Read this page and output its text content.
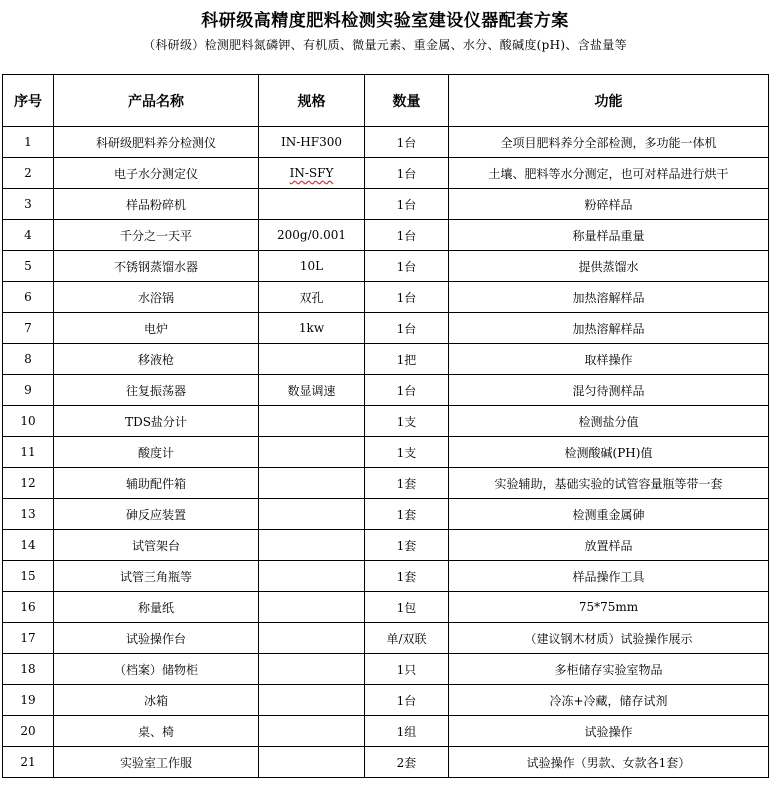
科研级高精度肥料检测实验室建设仪器配套方案
（科研级）检测肥料氮磷钾、有机质、微量元素、重金属、水分、酸碱度(pH)、含盐量等
序号	产品名称	规格	数量	功能
1	科研级肥料养分检测仪	IN-HF300	1台	全项目肥料养分全部检测，多功能一体机
2	电子水分测定仪	IN-SFY	1台	土壤、肥料等水分测定，也可对样品进行烘干
3	样品粉碎机		1台	粉碎样品
4	千分之一天平	200g/0.001	1台	称量样品重量
5	不锈钢蒸馏水器	10L	1台	提供蒸馏水
6	水浴锅	双孔	1台	加热溶解样品
7	电炉	1kw	1台	加热溶解样品
8	移液枪		1把	取样操作
9	往复振荡器	数显调速	1台	混匀待测样品
10	TDS盐分计		1支	检测盐分值
11	酸度计		1支	检测酸碱(PH)值
12	辅助配件箱		1套	实验辅助，基础实验的试管容量瓶等带一套
13	砷反应装置		1套	检测重金属砷
14	试管架台		1套	放置样品
15	试管三角瓶等		1套	样品操作工具
16	称量纸		1包	75*75mm
17	试验操作台		单/双联	（建议钢木材质）试验操作展示
18	（档案）储物柜		1只	多柜储存实验室物品
19	冰箱		1台	冷冻+冷藏，储存试剂
20	桌、椅		1组	试验操作
21	实验室工作服		2套	试验操作（男款、女款各1套）
